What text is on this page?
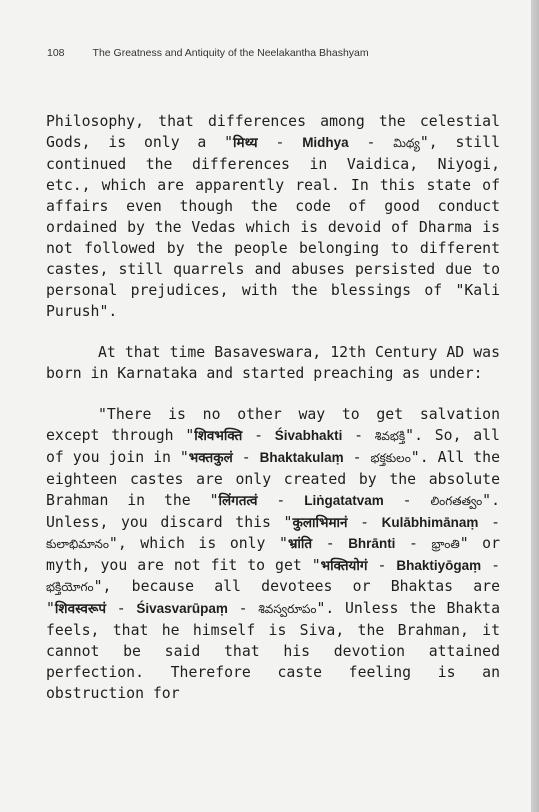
108	The Greatness and Antiquity of the Neelakantha Bhashyam

Philosophy, that differences among the celestial Gods, is only a "मिथ्य - Midhya - మిథ్య", still continued the differences in Vaidica, Niyogi, etc., which are apparently real. In this state of affairs even though the code of good conduct ordained by the Vedas which is devoid of Dharma is not followed by the people belonging to different castes, still quarrels and abuses persisted due to personal prejudices, with the blessings of "Kali Purush".

At that time Basaveswara, 12th Century AD was born in Karnataka and started preaching as under:

"There is no other way to get salvation except through "शिवभक्ति - Śivabhakti - శివభక్తి". So, all of you join in "भक्तकुलं - Bhaktakulaṃ - భక్తకులం". All the eighteen castes are only created by the absolute Brahman in the "लिंगतत्वं - Liṅgatatvam - లింగతత్వం". Unless, you discard this "कुलाभिमानं - Kulābhimānaṃ - కులాభిమానం", which is only "भ्रांति - Bhrānti - భ్రాంతి" or myth, you are not fit to get "भक्तियोगं - Bhaktiyōgaṃ - భక్తియోగం", because all devotees or Bhaktas are "शिवस्वरूपं - Śivasvarūpaṃ - శివస్వరూపం". Unless the Bhakta feels, that he himself is Siva, the Brahman, it cannot be said that his devotion attained perfection. Therefore caste feeling is an obstruction for
